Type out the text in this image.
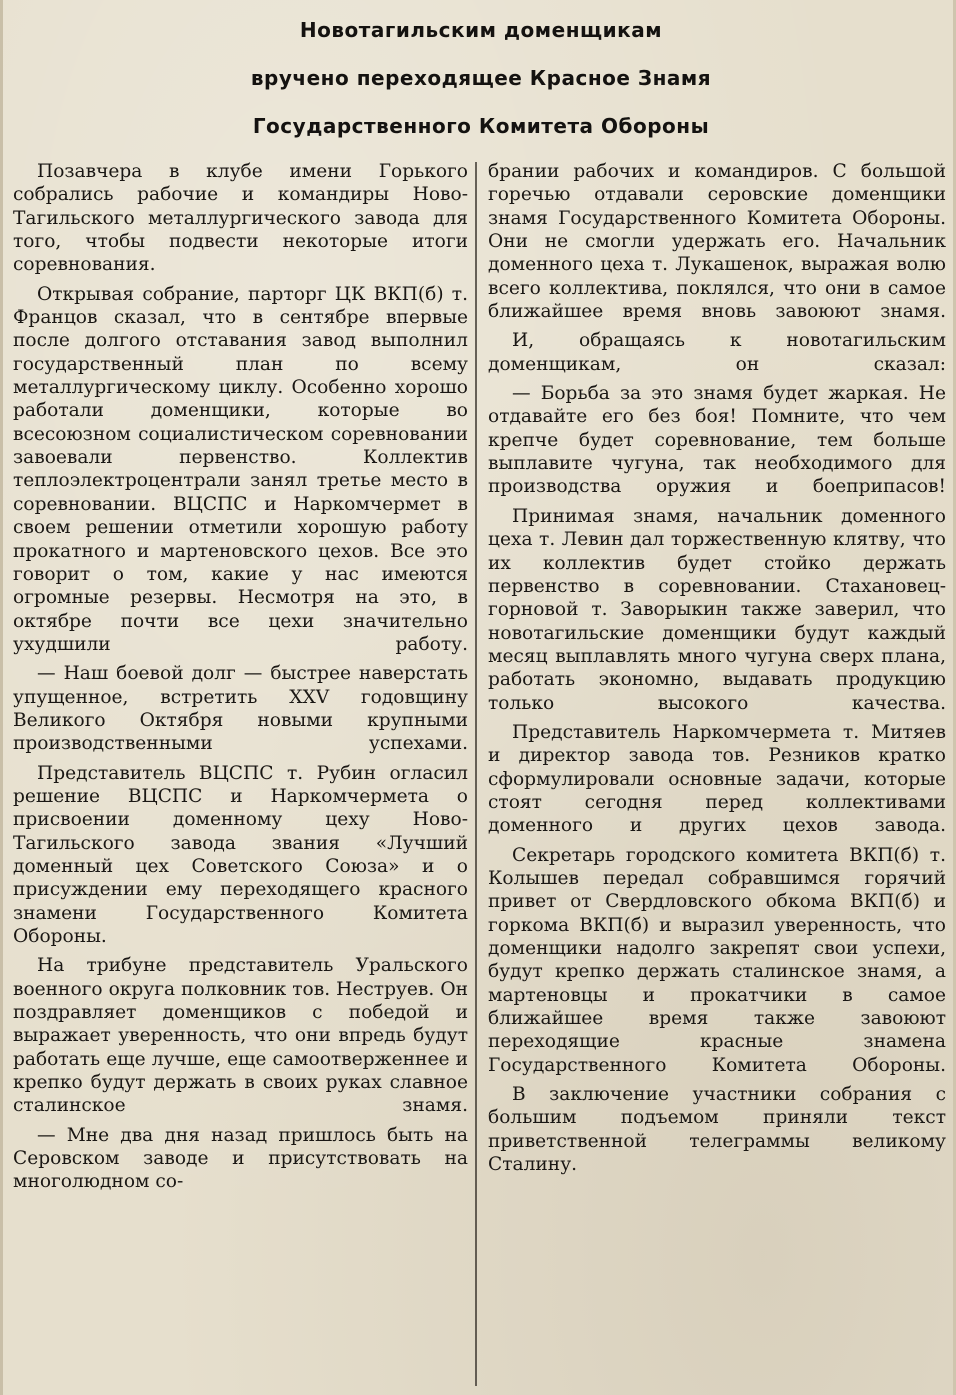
Новотагильским доменщикам
вручено переходящее Красное Знамя
Государственного Комитета Обороны

Позавчера в клубе имени Горького собрались рабочие и командиры Ново-Тагильского металлургического завода для того, чтобы подвести некоторые итоги соревнования.

Открывая собрание, парторг ЦК ВКП(б) т. Францов сказал, что в сентябре впервые после долгого отставания завод выполнил государственный план по всему металлургическому циклу. Особенно хорошо работали доменщики, которые во всесоюзном социалистическом соревновании завоевали первенство. Коллектив теплоэлектроцентрали занял третье место в соревновании. ВЦСПС и Наркомчермет в своем решении отметили хорошую работу прокатного и мартеновского цехов. Все это говорит о том, какие у нас имеются огромные резервы. Несмотря на это, в октябре почти все цехи значительно ухудшили работу.

— Наш боевой долг — быстрее наверстать упущенное, встретить XXV годовщину Великого Октября новыми крупными производственными успехами.

Представитель ВЦСПС т. Рубин огласил решение ВЦСПС и Наркомчермета о присвоении доменному цеху Ново-Тагильского завода звания «Лучший доменный цех Советского Союза» и о присуждении ему переходящего красного знамени Государственного Комитета Обороны.

На трибуне представитель Уральского военного округа полковник тов. Неструев. Он поздравляет доменщиков с победой и выражает уверенность, что они впредь будут работать еще лучше, еще самоотверженнее и крепко будут держать в своих руках славное сталинское знамя.

— Мне два дня назад пришлось быть на Серовском заводе и присутствовать на многолюдном со-

брании рабочих и командиров. С большой горечью отдавали серовские доменщики знамя Государственного Комитета Обороны. Они не смогли удержать его. Начальник доменного цеха т. Лукашенок, выражая волю всего коллектива, поклялся, что они в самое ближайшее время вновь завоюют знамя.

И, обращаясь к новотагильским доменщикам, он сказал:

— Борьба за это знамя будет жаркая. Не отдавайте его без боя! Помните, что чем крепче будет соревнование, тем больше выплавите чугуна, так необходимого для производства оружия и боеприпасов!

Принимая знамя, начальник доменного цеха т. Левин дал торжественную клятву, что их коллектив будет стойко держать первенство в соревновании. Стахановец-горновой т. Заворыкин также заверил, что новотагильские доменщики будут каждый месяц выплавлять много чугуна сверх плана, работать экономно, выдавать продукцию только высокого качества.

Представитель Наркомчермета т. Митяев и директор завода тов. Резников кратко сформулировали основные задачи, которые стоят сегодня перед коллективами доменного и других цехов завода.

Секретарь городского комитета ВКП(б) т. Колышев передал собравшимся горячий привет от Свердловского обкома ВКП(б) и горкома ВКП(б) и выразил уверенность, что доменщики надолго закрепят свои успехи, будут крепко держать сталинское знамя, а мартеновцы и прокатчики в самое ближайшее время также завоюют переходящие красные знамена Государственного Комитета Обороны.

В заключение участники собрания с большим подъемом приняли текст приветственной телеграммы великому Сталину.
